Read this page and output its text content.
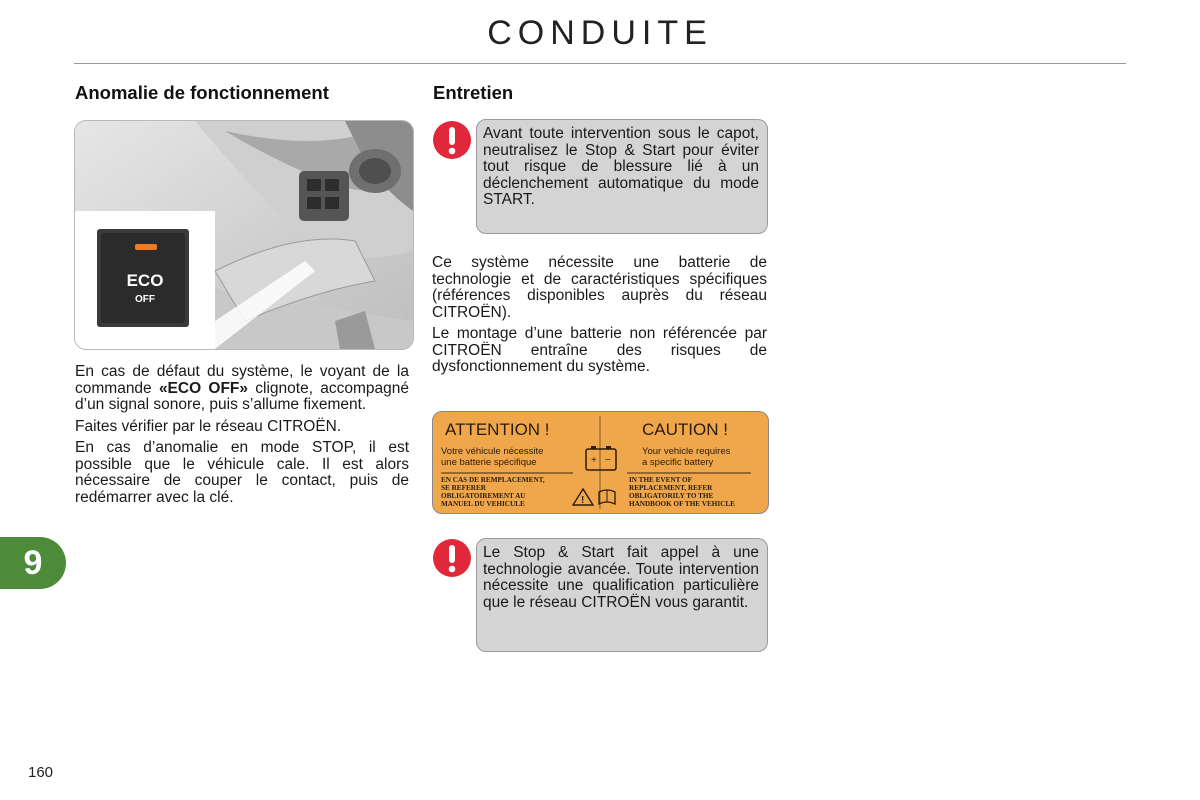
CONDUITE
Anomalie de fonctionnement
ECO
OFF

En cas de défaut du système, le voyant de la commande «ECO OFF» clignote, accompagné d’un signal sonore, puis s’allume fixement.

Faites vérifier par le réseau CITROËN.

En cas d’anomalie en mode STOP, il est possible que le véhicule cale. Il est alors nécessaire de couper le contact, puis de redémarrer avec la clé.

Entretien
Avant toute intervention sous le capot, neutralisez le Stop & Start pour éviter tout risque de blessure lié à un déclenchement automatique du mode START.

Ce système nécessite une batterie de technologie et de caractéristiques spécifiques (références disponibles auprès du réseau CITROËN).

Le montage d’une batterie non référencée par CITROËN entraîne des risques de dysfonctionnement du système.

ATTENTION !	CAUTION !
Votre véhicule nécessite
une batterie spécifique
Your vehicle requires
a specific battery
+ −
!
EN CAS DE REMPLACEMENT,
SE REFERER
OBLIGATOIREMENT AU
MANUEL DU VEHICULE
IN THE EVENT OF
REPLACEMENT, REFER
OBLIGATORILY TO THE
HANDBOOK OF THE VEHICLE
Le Stop & Start fait appel à une technologie avancée. Toute intervention nécessite une qualification particulière que le réseau CITROËN vous garantit.
9
160
